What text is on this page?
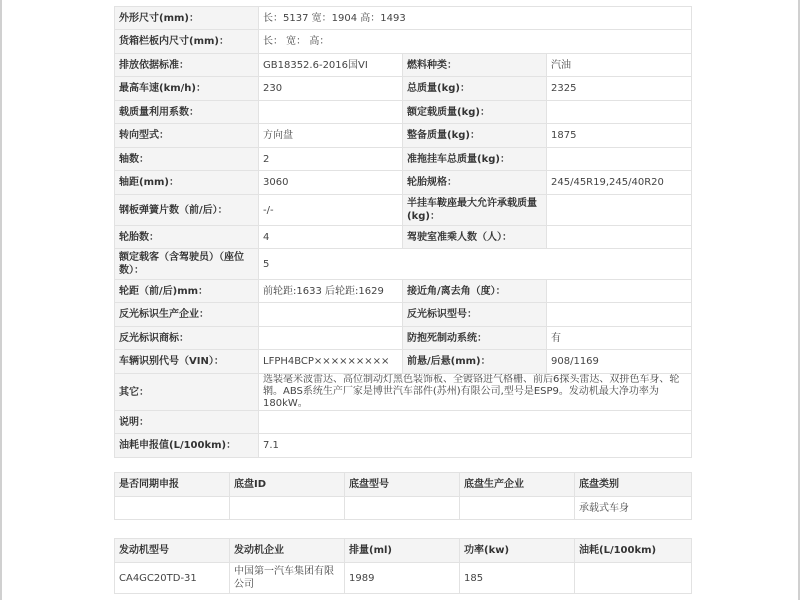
外形尺寸(mm)：	长：5137 宽：1904 高：1493		
货箱栏板内尺寸(mm)：	长： 宽： 高：		
排放依据标准：	GB18352.6-2016国VI	燃料种类：	汽油
最高车速(km/h)：	230	总质量(kg)：	2325
载质量利用系数：		额定载质量(kg)：	
转向型式：	方向盘	整备质量(kg)：	1875
轴数：	2	准拖挂车总质量(kg)：	
轴距(mm)：	3060	轮胎规格：	245/45R19,245/40R20
钢板弹簧片数（前/后）：	-/-	半挂车鞍座最大允许承载质量(kg)：	
轮胎数：	4	驾驶室准乘人数（人）：	
额定载客（含驾驶员）（座位数）：	5		
轮距（前/后)mm：	前轮距:1633 后轮距:1629	接近角/离去角（度）：	
反光标识生产企业：		反光标识型号：	
反光标识商标：		防抱死制动系统：	有
车辆识别代号（VIN）：	LFPH4BCP×××××××××	前悬/后悬(mm)：	908/1169
其它：	选装毫米波雷达、高位制动灯黑色装饰板、全镀铬进气格栅、前后6探头雷达、双拼色车身、轮辋。ABS系统生产厂家是博世汽车部件(苏州)有限公司,型号是ESP9。发动机最大净功率为180kW。		
说明：			
油耗申报值(L/100km)：	7.1		
是否同期申报	底盘ID	底盘型号	底盘生产企业	底盘类别
				承载式车身
发动机型号	发动机企业	排量(ml)	功率(kw)	油耗(L/100km)
CA4GC20TD-31	中国第一汽车集团有限公司	1989	185	
